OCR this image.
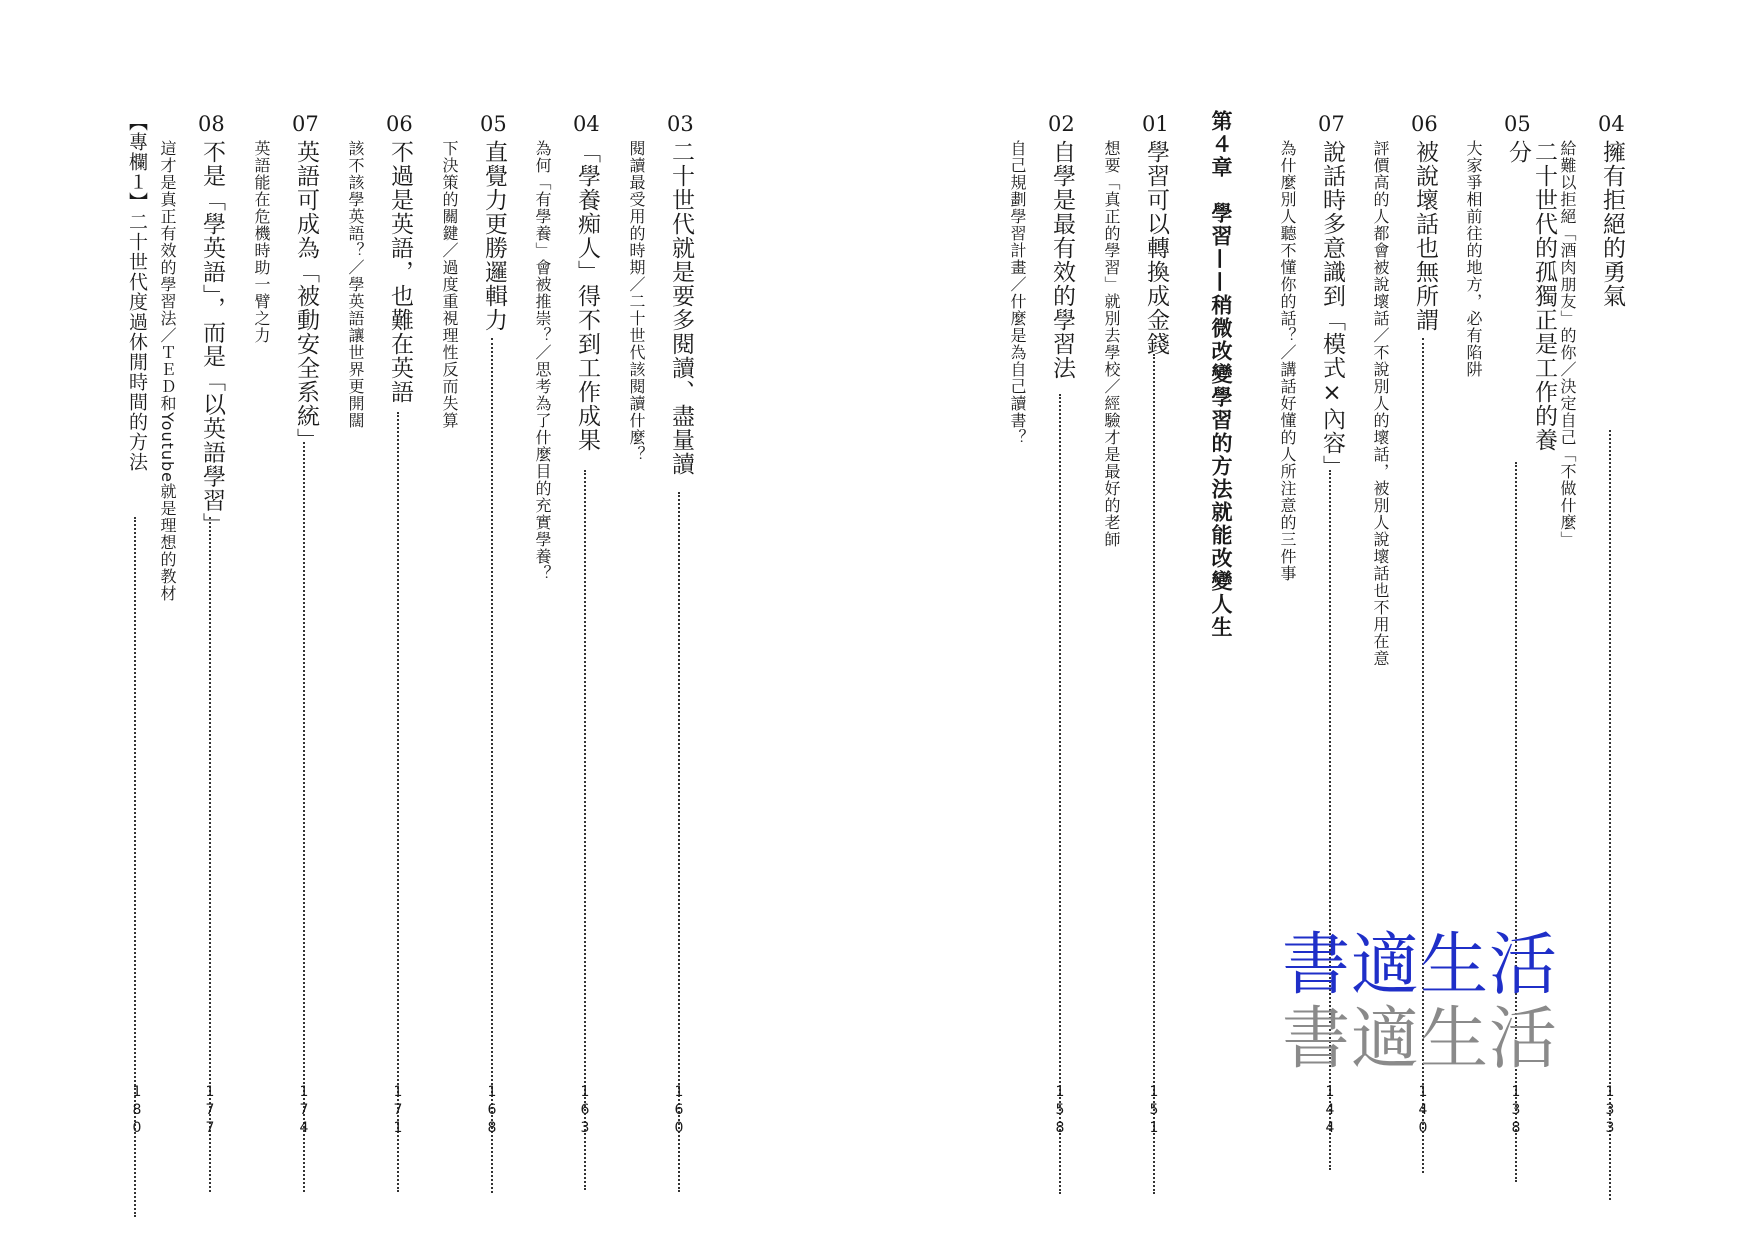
04
擁有拒絕的勇氣
給難以拒絕「酒肉朋友」的你／決定自己「不做什麼」
133
05
二十世代的孤獨正是工作的養分
大家爭相前往的地方，必有陷阱
138
06
被說壞話也無所謂
評價高的人都會被說壞話／不說別人的壞話，被別人說壞話也不用在意
140
07
說話時多意識到「模式×內容」
為什麼別人聽不懂你的話？／講話好懂的人所注意的三件事
144
第４章　學習——稍微改變學習的方法就能改變人生
01
學習可以轉換成金錢
想要「真正的學習」就別去學校／經驗才是最好的老師
151
02
自學是最有效的學習法
自己規劃學習計畫／什麼是為自己讀書？
158
03
二十世代就是要多閱讀、盡量讀
閱讀最受用的時期／二十世代該閱讀什麼？
160
04
「學養痴人」得不到工作成果
為何「有學養」會被推崇？／思考為了什麼目的充實學養？
163
05
直覺力更勝邏輯力
下決策的關鍵／過度重視理性反而失算
168
06
不過是英語，也難在英語
該不該學英語？／學英語讓世界更開闊
171
07
英語可成為「被動安全系統」
英語能在危機時助一臂之力
174
08
不是「學英語」，而是「以英語學習」
這才是真正有效的學習法／ＴＥＤ和Youtube就是理想的教材
177
【專欄１】二十世代度過休閒時間的方法
180
書適生活
書適生活
